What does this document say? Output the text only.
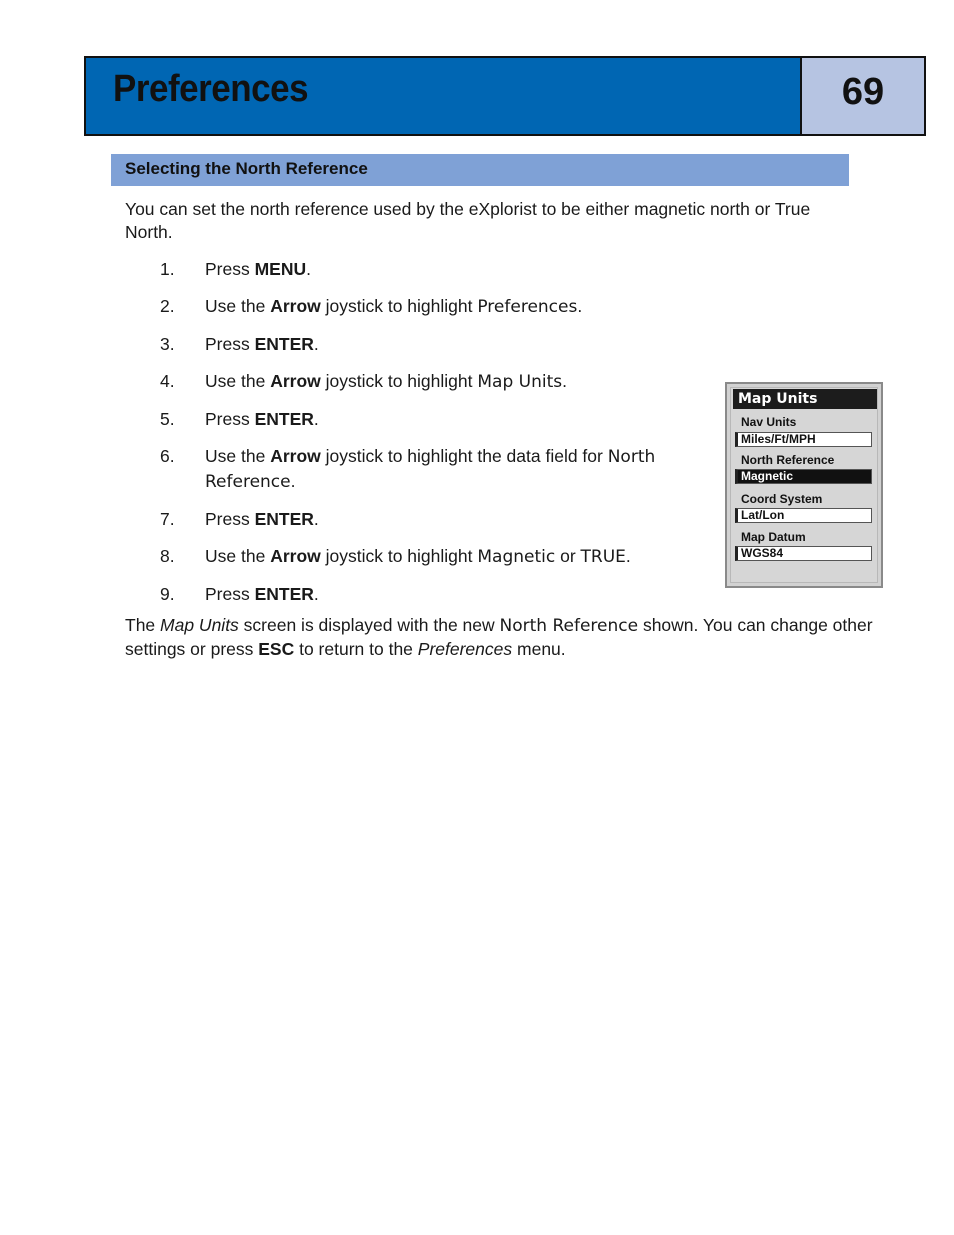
Preferences	69
Selecting the North Reference
You can set the north reference used by the eXplorist to be either magnetic north or True North.
1. Press MENU.
2. Use the Arrow joystick to highlight Preferences.
3. Press ENTER.
4. Use the Arrow joystick to highlight Map Units.
5. Press ENTER.
6. Use the Arrow joystick to highlight the data field for North Reference.
7. Press ENTER.
8. Use the Arrow joystick to highlight Magnetic or TRUE.
9. Press ENTER.
Map Units
Nav Units
Miles/Ft/MPH
North Reference
Magnetic
Coord System
Lat/Lon
Map Datum
WGS84
The Map Units screen is displayed with the new North Reference shown. You can change other settings or press ESC to return to the Preferences menu.
